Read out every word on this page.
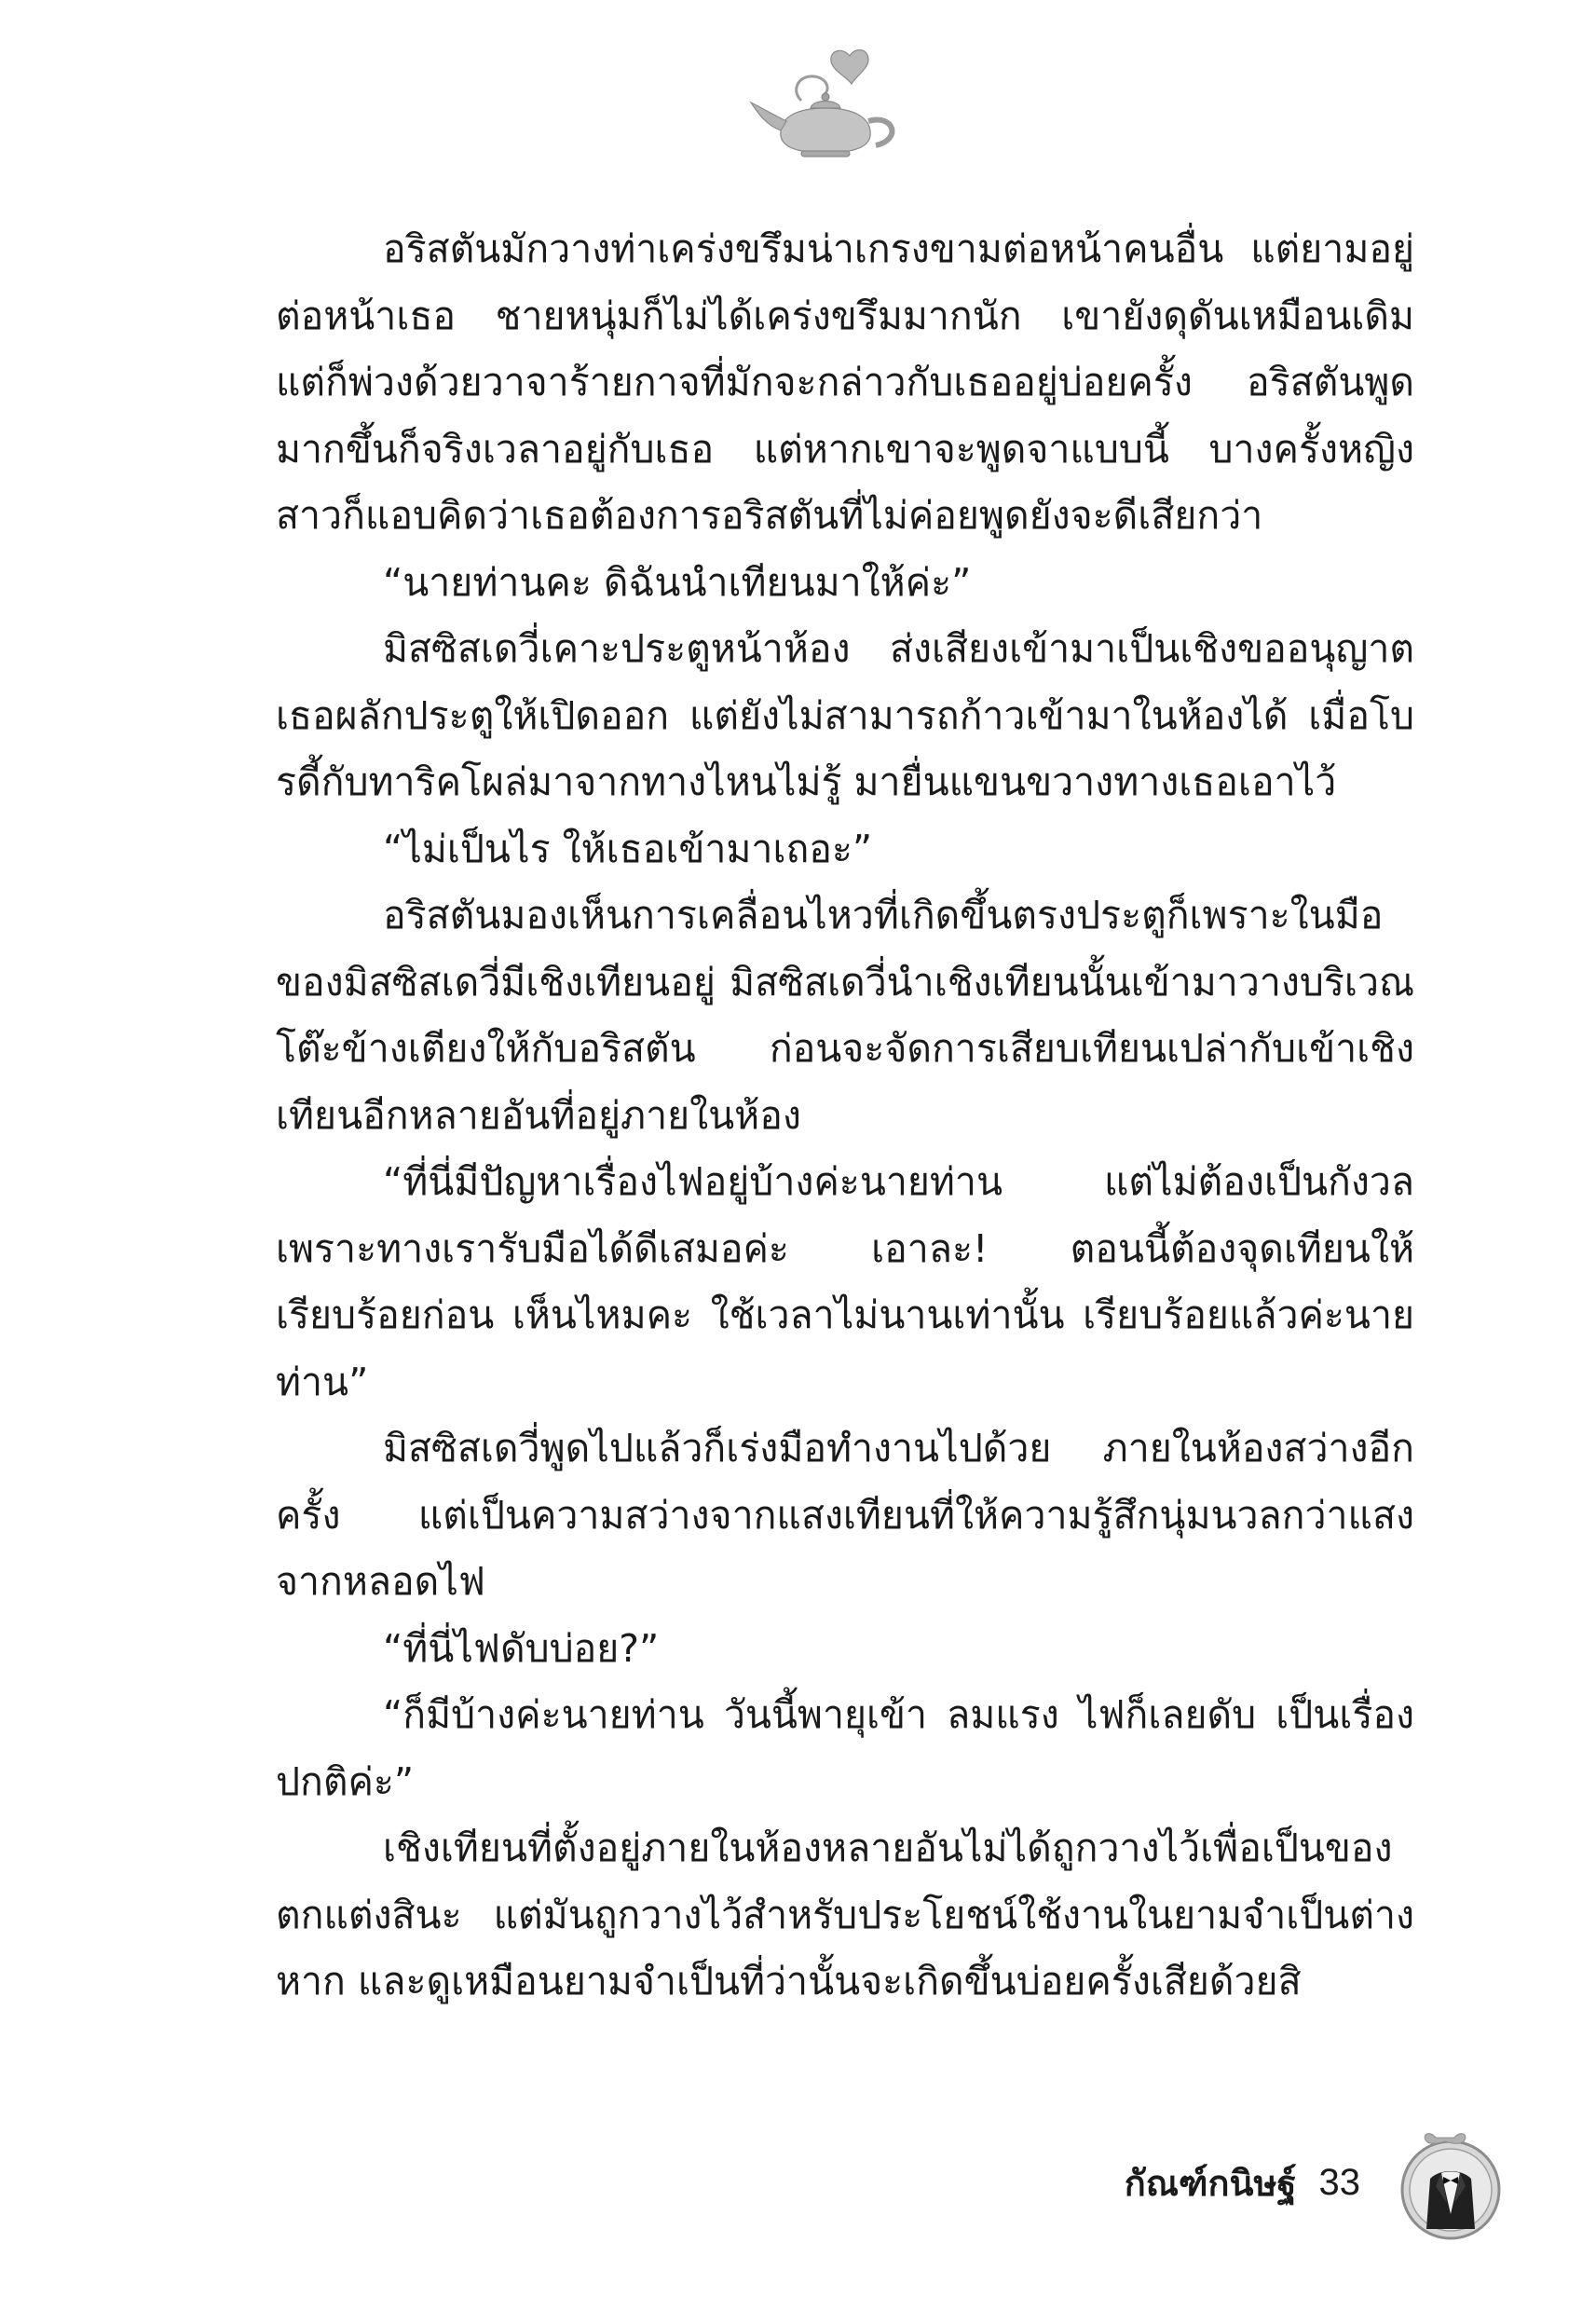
อริสตันมักวางท่าเคร่งขรึมน่าเกรงขามต่อหน้าคนอื่น แต่ยามอยู่ต่อหน้าเธอ ชายหนุ่มก็ไม่ได้เคร่งขรึมมากนัก เขายังดุดันเหมือนเดิม แต่ก็พ่วงด้วยวาจาร้ายกาจที่มักจะกล่าวกับเธออยู่บ่อยครั้ง อริสตันพูดมากขึ้นก็จริงเวลาอยู่กับเธอ แต่หากเขาจะพูดจาแบบนี้ บางครั้งหญิงสาวก็แอบคิดว่าเธอต้องการอริสตันที่ไม่ค่อยพูดยังจะดีเสียกว่า

“นายท่านคะ ดิฉันนำเทียนมาให้ค่ะ”

มิสซิสเดวี่เคาะประตูหน้าห้อง ส่งเสียงเข้ามาเป็นเชิงขออนุญาต เธอผลักประตูให้เปิดออก แต่ยังไม่สามารถก้าวเข้ามาในห้องได้ เมื่อโบรดี้กับทาริคโผล่มาจากทางไหนไม่รู้ มายื่นแขนขวางทางเธอเอาไว้

“ไม่เป็นไร ให้เธอเข้ามาเถอะ”

อริสตันมองเห็นการเคลื่อนไหวที่เกิดขึ้นตรงประตูก็เพราะในมือของมิสซิสเดวี่มีเชิงเทียนอยู่ มิสซิสเดวี่นำเชิงเทียนนั้นเข้ามาวางบริเวณโต๊ะข้างเตียงให้กับอริสตัน ก่อนจะจัดการเสียบเทียนเปล่ากับเข้าเชิงเทียนอีกหลายอันที่อยู่ภายในห้อง

“ที่นี่มีปัญหาเรื่องไฟอยู่บ้างค่ะนายท่าน แต่ไม่ต้องเป็นกังวล เพราะทางเรารับมือได้ดีเสมอค่ะ เอาละ! ตอนนี้ต้องจุดเทียนให้เรียบร้อยก่อน เห็นไหมคะ ใช้เวลาไม่นานเท่านั้น เรียบร้อยแล้วค่ะนายท่าน”

มิสซิสเดวี่พูดไปแล้วก็เร่งมือทำงานไปด้วย ภายในห้องสว่างอีกครั้ง แต่เป็นความสว่างจากแสงเทียนที่ให้ความรู้สึกนุ่มนวลกว่าแสงจากหลอดไฟ

“ที่นี่ไฟดับบ่อย?”

“ก็มีบ้างค่ะนายท่าน วันนี้พายุเข้า ลมแรง ไฟก็เลยดับ เป็นเรื่องปกติค่ะ”

เชิงเทียนที่ตั้งอยู่ภายในห้องหลายอันไม่ได้ถูกวางไว้เพื่อเป็นของตกแต่งสินะ แต่มันถูกวางไว้สำหรับประโยชน์ใช้งานในยามจำเป็นต่างหาก และดูเหมือนยามจำเป็นที่ว่านั้นจะเกิดขึ้นบ่อยครั้งเสียด้วยสิ

กัณฑ์กนิษฐ์ 33
